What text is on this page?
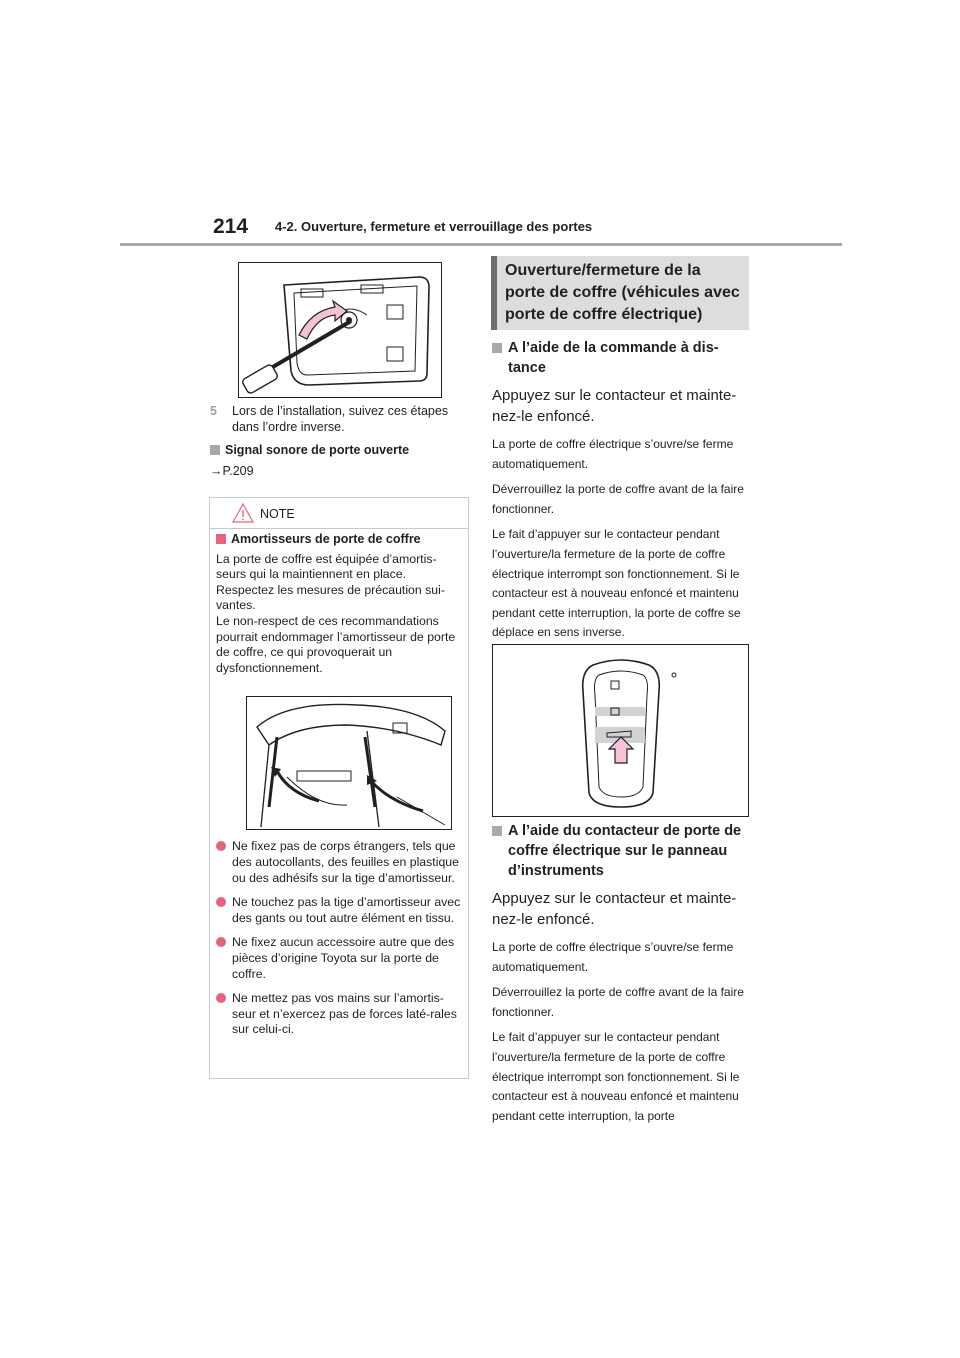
214 4-2. Ouverture, fermeture et verrouillage des portes
5 Lors de l’installation, suivez ces étapes dans l’ordre inverse.
Signal sonore de porte ouverte
→P.209
NOTE

Amortisseurs de porte de coffre

La porte de coffre est équipée d’amortis-seurs qui la maintiennent en place. Respectez les mesures de précaution sui-vantes.

Le non-respect de ces recommandations pourrait endommager l’amortisseur de porte de coffre, ce qui provoquerait un dysfonctionnement.

Ne fixez pas de corps étrangers, tels que des autocollants, des feuilles en plastique ou des adhésifs sur la tige d’amortisseur.

Ne touchez pas la tige d’amortisseur avec des gants ou tout autre élément en tissu.

Ne fixez aucun accessoire autre que des pièces d’origine Toyota sur la porte de coffre.

Ne mettez pas vos mains sur l’amortis-seur et n’exercez pas de forces laté-rales sur celui-ci.

Ouverture/fermeture de la porte de coffre (véhicules avec porte de coffre électrique)
A l’aide de la commande à dis-tance
Appuyez sur le contacteur et mainte-nez-le enfoncé.
La porte de coffre électrique s’ouvre/se ferme automatiquement.
Déverrouillez la porte de coffre avant de la faire fonctionner.
Le fait d’appuyer sur le contacteur pendant l’ouverture/la fermeture de la porte de coffre électrique interrompt son fonctionnement. Si le contacteur est à nouveau enfoncé et maintenu pendant cette interruption, la porte de coffre se déplace en sens inverse.
A l’aide du contacteur de porte de coffre électrique sur le panneau d’instruments
Appuyez sur le contacteur et mainte-nez-le enfoncé.
La porte de coffre électrique s’ouvre/se ferme automatiquement.
Déverrouillez la porte de coffre avant de la faire fonctionner.
Le fait d’appuyer sur le contacteur pendant l’ouverture/la fermeture de la porte de coffre électrique interrompt son fonctionnement. Si le contacteur est à nouveau enfoncé et maintenu pendant cette interruption, la porte
